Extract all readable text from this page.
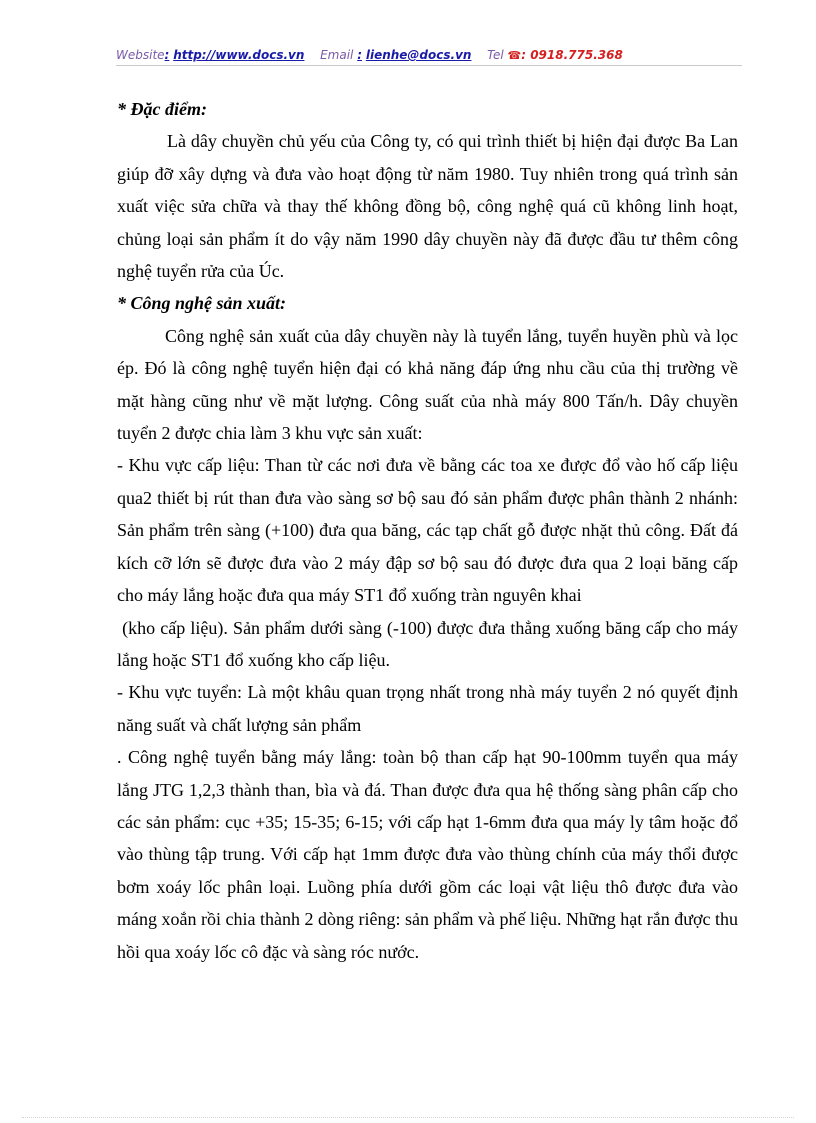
Website: http://www.docs.vn Email : lienhe@docs.vn Tel ☎: 0918.775.368

* Đặc điểm:

Là dây chuyền chủ yếu của Công ty, có qui trình thiết bị hiện đại được Ba Lan giúp đỡ xây dựng và đưa vào hoạt động từ năm 1980. Tuy nhiên trong quá trình sản xuất việc sửa chữa và thay thế không đồng bộ, công nghệ quá cũ không linh hoạt, chủng loại sản phẩm ít do vậy năm 1990 dây chuyền này đã được đầu tư thêm công nghệ tuyển rửa của Úc.

* Công nghệ sản xuất:

Công nghệ sản xuất của dây chuyền này là tuyển lắng, tuyển huyền phù và lọc ép. Đó là công nghệ tuyển hiện đại có khả năng đáp ứng nhu cầu của thị trường về mặt hàng cũng như về mặt lượng. Công suất của nhà máy 800 Tấn/h. Dây chuyền tuyển 2 được chia làm 3 khu vực sản xuất:

- Khu vực cấp liệu: Than từ các nơi đưa về bằng các toa xe được đổ vào hố cấp liệu qua2 thiết bị rút than đưa vào sàng sơ bộ sau đó sản phẩm được phân thành 2 nhánh: Sản phẩm trên sàng (+100) đưa qua băng, các tạp chất gỗ được nhặt thủ công. Đất đá kích cỡ lớn sẽ được đưa vào 2 máy đập sơ bộ sau đó được đưa qua 2 loại băng cấp cho máy lắng hoặc đưa qua máy ST1 đổ xuống tràn nguyên khai

(kho cấp liệu). Sản phẩm dưới sàng (-100) được đưa thẳng xuống băng cấp cho máy lắng hoặc ST1 đổ xuống kho cấp liệu.

- Khu vực tuyển: Là một khâu quan trọng nhất trong nhà máy tuyển 2 nó quyết định năng suất và chất lượng sản phẩm

. Công nghệ tuyển bằng máy lắng: toàn bộ than cấp hạt 90-100mm tuyển qua máy lắng JTG 1,2,3 thành than, bìa và đá. Than được đưa qua hệ thống sàng phân cấp cho các sản phẩm: cục +35; 15-35; 6-15; với cấp hạt 1-6mm đưa qua máy ly tâm hoặc đổ vào thùng tập trung. Với cấp hạt 1mm được đưa vào thùng chính của máy thổi được bơm xoáy lốc phân loại. Luồng phía dưới gồm các loại vật liệu thô được đưa vào máng xoắn rồi chia thành 2 dòng riêng: sản phẩm và phế liệu. Những hạt rắn được thu hồi qua xoáy lốc cô đặc và sàng róc nước.
